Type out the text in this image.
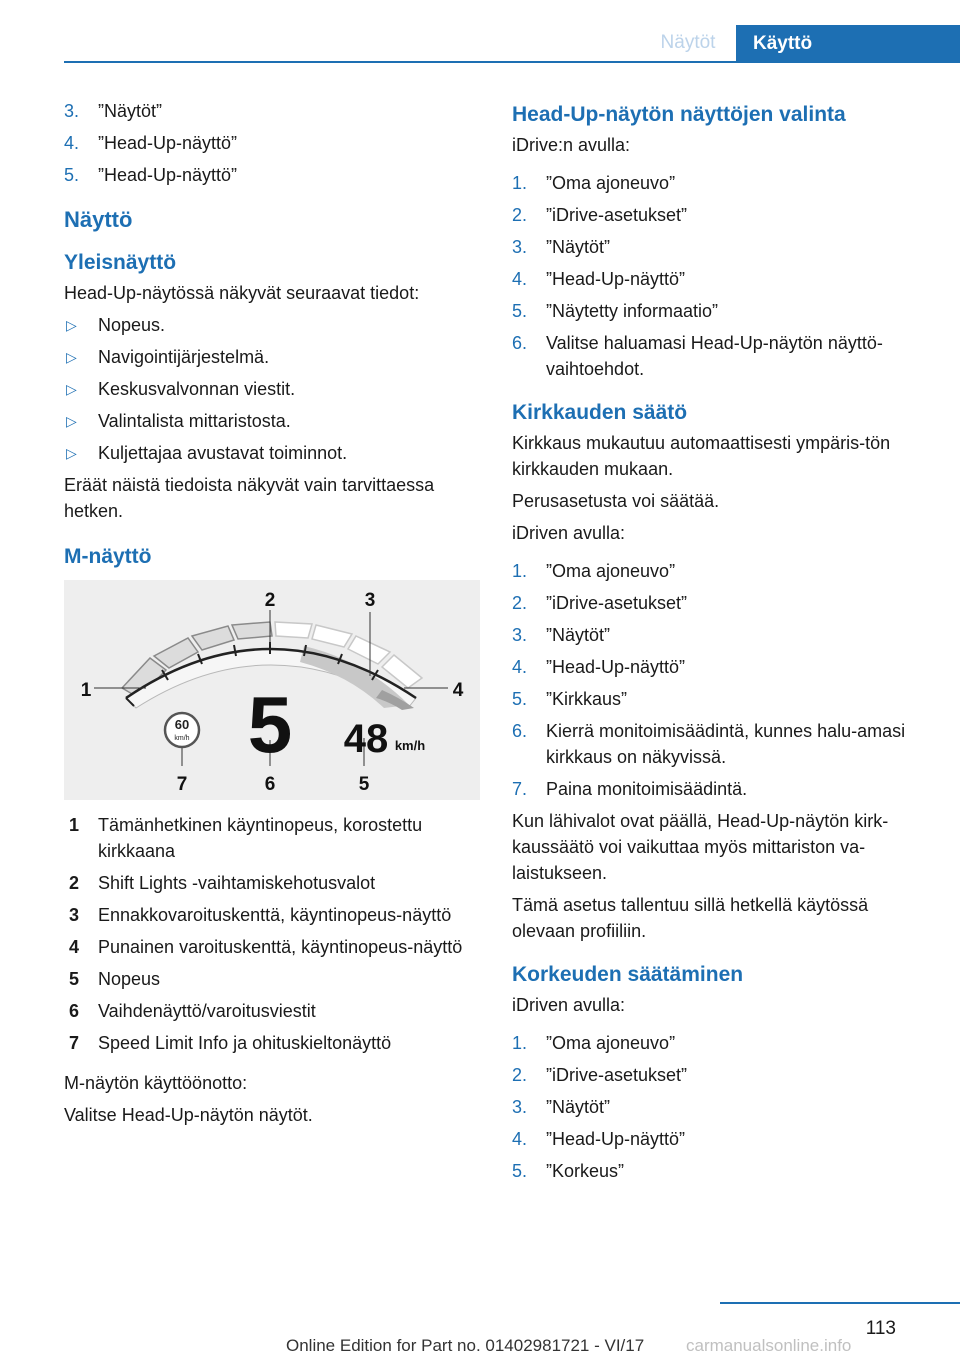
Näytöt	Käyttö
3. ”Näytöt”
4. ”Head-Up-näyttö”
5. ”Head-Up-näyttö”
Näyttö
Yleisnäyttö
Head-Up-näytössä näkyvät seuraavat tiedot:
▷ Nopeus.
▷ Navigointijärjestelmä.
▷ Keskusvalvonnan viestit.
▷ Valintalista mittaristosta.
▷ Kuljettajaa avustavat toiminnot.
Eräät näistä tiedoista näkyvät vain tarvittaessa hetken.
M-näyttö
60
km/h 5 48 km/h
1
2	3
4
5
6
7
1 Tämänhetkinen käyntinopeus, korostettu kirkkaana
2 Shift Lights -vaihtamiskehotusvalot
3 Ennakkovaroituskenttä, käyntinopeus-näyttö
4 Punainen varoituskenttä, käyntinopeus-näyttö
5 Nopeus
6 Vaihdenäyttö/varoitusviestit
7 Speed Limit Info ja ohituskieltonäyttö
M-näytön käyttöönotto:
Valitse Head-Up-näytön näytöt.
Head-Up-näytön näyttöjen valinta
iDrive:n avulla:
1. ”Oma ajoneuvo”
2. ”iDrive-asetukset”
3. ”Näytöt”
4. ”Head-Up-näyttö”
5. ”Näytetty informaatio”
6. Valitse haluamasi Head-Up-näytön näyttö-vaihtoehdot.
Kirkkauden säätö
Kirkkaus mukautuu automaattisesti ympäris-tön kirkkauden mukaan.
Perusasetusta voi säätää.
iDriven avulla:
1. ”Oma ajoneuvo”
2. ”iDrive-asetukset”
3. ”Näytöt”
4. ”Head-Up-näyttö”
5. ”Kirkkaus”
6. Kierrä monitoimisäädintä, kunnes halu-amasi kirkkaus on näkyvissä.
7. Paina monitoimisäädintä.
Kun lähivalot ovat päällä, Head-Up-näytön kirk-kaussäätö voi vaikuttaa myös mittariston va-laistukseen.
Tämä asetus tallentuu sillä hetkellä käytössä olevaan profiiliin.
Korkeuden säätäminen
iDriven avulla:
1. ”Oma ajoneuvo”
2. ”iDrive-asetukset”
3. ”Näytöt”
4. ”Head-Up-näyttö”
5. ”Korkeus”
113
Online Edition for Part no. 01402981721 - VI/17 carmanualsonline.info
